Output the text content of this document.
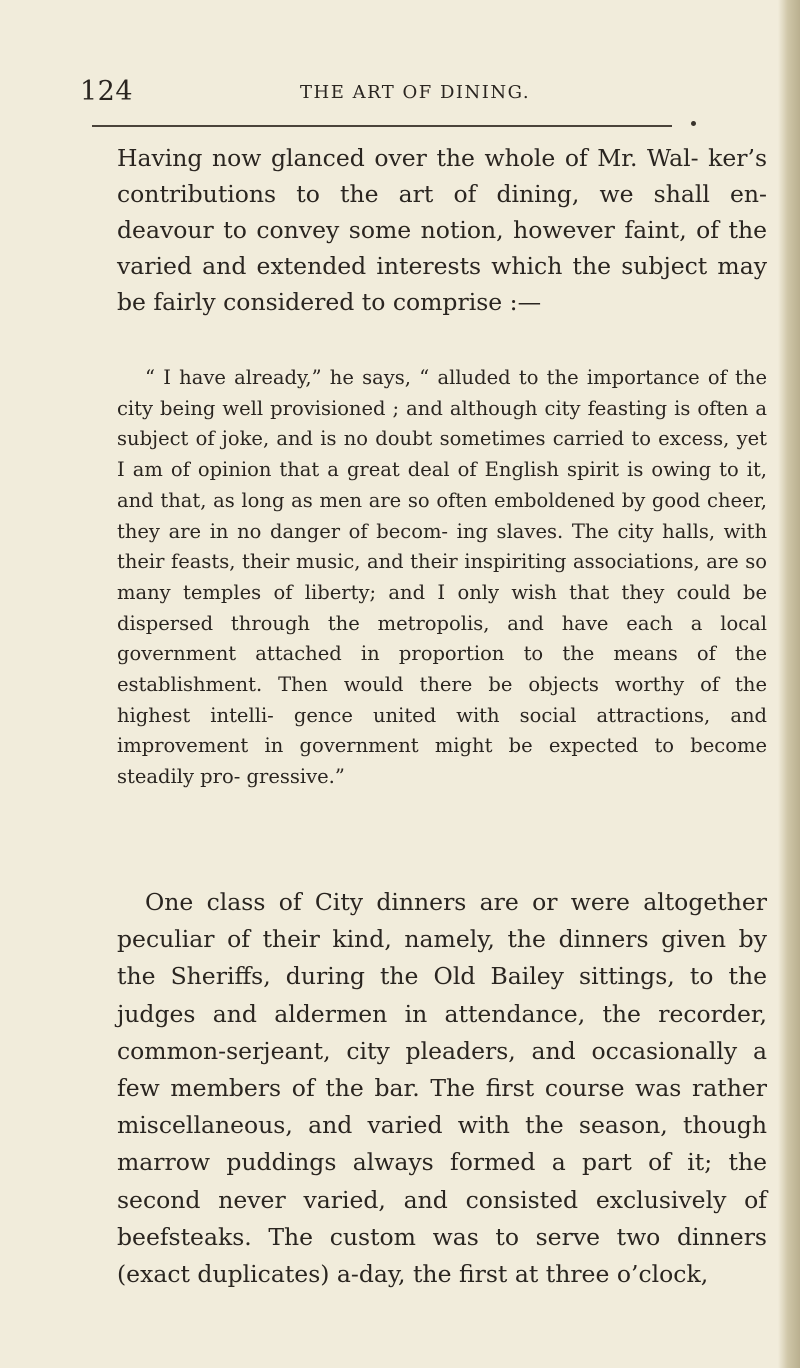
124	THE ART OF DINING.

Having now glanced over the whole of Mr. Wal- ker’s contributions to the art of dining, we shall en- deavour to convey some notion, however faint, of the varied and extended interests which the subject may be fairly considered to comprise :—

“ I have already,” he says, “ alluded to the importance of the city being well provisioned ; and although city feasting is often a subject of joke, and is no doubt sometimes carried to excess, yet I am of opinion that a great deal of English spirit is owing to it, and that, as long as men are so often emboldened by good cheer, they are in no danger of becom- ing slaves. The city halls, with their feasts, their music, and their inspiriting associations, are so many temples of liberty; and I only wish that they could be dispersed through the metropolis, and have each a local government attached in proportion to the means of the establishment. Then would there be objects worthy of the highest intelli- gence united with social attractions, and improvement in government might be expected to become steadily pro- gressive.”

One class of City dinners are or were altogether peculiar of their kind, namely, the dinners given by the Sheriffs, during the Old Bailey sittings, to the judges and aldermen in attendance, the recorder, common-serjeant, city pleaders, and occasionally a few members of the bar. The first course was rather miscellaneous, and varied with the season, though marrow puddings always formed a part of it; the second never varied, and consisted exclusively of beefsteaks. The custom was to serve two dinners (exact duplicates) a-day, the first at three o’clock,
